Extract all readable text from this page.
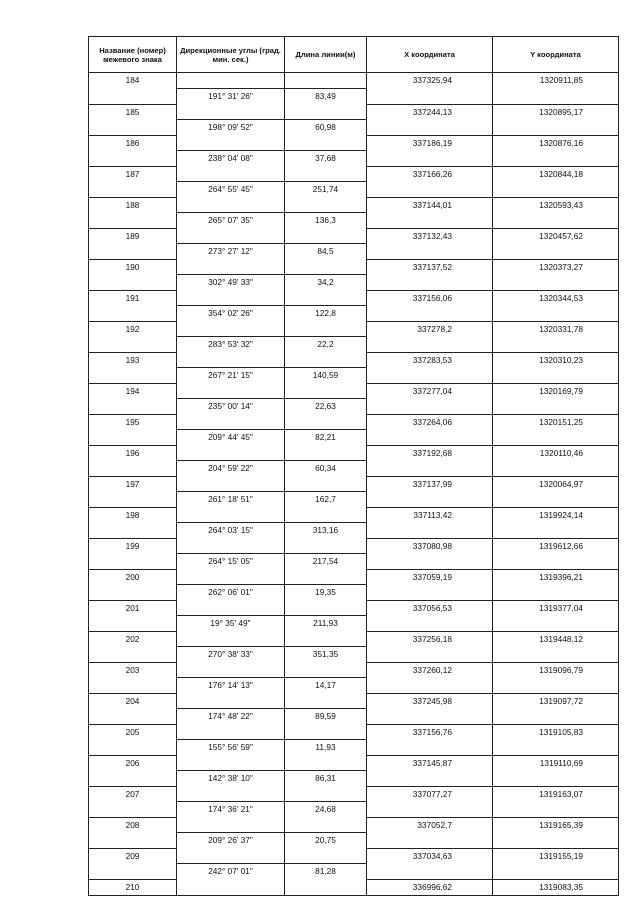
Название (номер) межевого знака	Дирекционные углы (град. мин. сек.)	Длина линии(м)	X координата	Y координата
184			337325,94	1320911,85
	191° 31' 26"	83,49		
185			337244,13	1320895,17
	198° 09' 52"	60,98		
186			337186,19	1320876,16
	238° 04' 08"	37,68		
187			337166,26	1320844,18
	264° 55' 45"	251,74		
188			337144,01	1320593,43
	265° 07' 35"	136,3		
189			337132,43	1320457,62
	273° 27' 12"	84,5		
190			337137,52	1320373,27
	302° 49' 33"	34,2		
191			337156,06	1320344,53
	354° 02' 26"	122,8		
192			337278,2	1320331,78
	283° 53' 32"	22,2		
193			337283,53	1320310,23
	267° 21' 15"	140,59		
194			337277,04	1320169,79
	235° 00' 14"	22,63		
195			337264,06	1320151,25
	209° 44' 45"	82,21		
196			337192,68	1320110,46
	204° 59' 22"	60,34		
197			337137,99	1320064,97
	261° 18' 51"	162,7		
198			337113,42	1319924,14
	264° 03' 15"	313,16		
199			337080,98	1319612,66
	264° 15' 05"	217,54		
200			337059,19	1319396,21
	262° 06' 01"	19,35		
201			337056,53	1319377,04
	19° 35' 49"	211,93		
202			337256,18	1319448,12
	270° 38' 33"	351,35		
203			337260,12	1319096,79
	176° 14' 13"	14,17		
204			337245,98	1319097,72
	174° 48' 22"	89,59		
205			337156,76	1319105,83
	155° 56' 59"	11,93		
206			337145,87	1319110,69
	142° 38' 10"	86,31		
207			337077,27	1319163,07
	174° 36' 21"	24,68		
208			337052,7	1319165,39
	209° 26' 37"	20,75		
209			337034,63	1319155,19
	242° 07' 01"	81,28		
210			336996,62	1319083,35
